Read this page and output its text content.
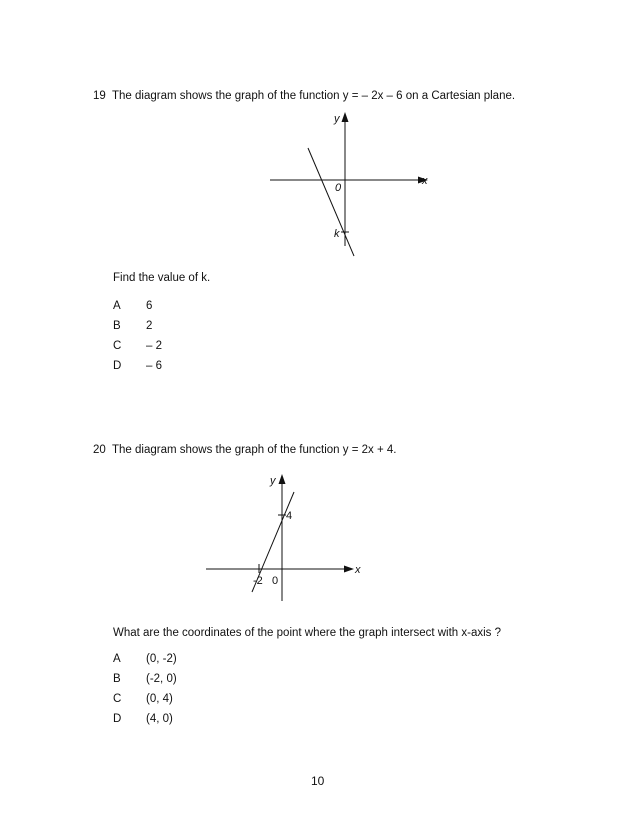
19 The diagram shows the graph of the function y = – 2x – 6 on a Cartesian plane.
y
x
0
k
Find the value of k.
A 6
B 2
C – 2
D – 6
20 The diagram shows the graph of the function y = 2x + 4.
y
x
0
4
-2
What are the coordinates of the point where the graph intersect with x-axis ?
A (0, -2)
B (-2, 0)
C (0, 4)
D (4, 0)
10
